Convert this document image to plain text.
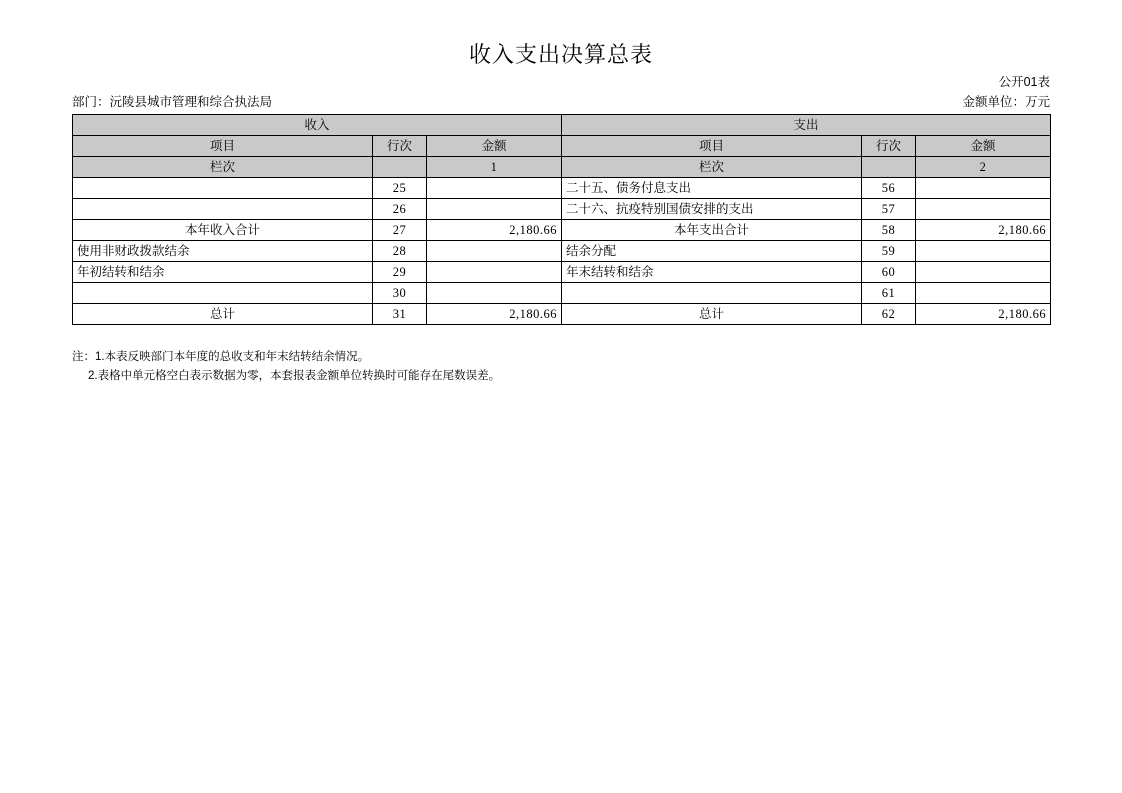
收入支出决算总表
公开01表
部门：沅陵县城市管理和综合执法局	金额单位：万元
收入			支出		
项目	行次	金额	项目	行次	金额
栏次		1	栏次		2
	25		二十五、债务付息支出	56	
	26		二十六、抗疫特别国债安排的支出	57	
本年收入合计	27	2,180.66	本年支出合计	58	2,180.66
使用非财政拨款结余	28		结余分配	59	
年初结转和结余	29		年末结转和结余	60	
	30			61	
总计	31	2,180.66	总计	62	2,180.66
注：1.本表反映部门本年度的总收支和年末结转结余情况。
2.表格中单元格空白表示数据为零，本套报表金额单位转换时可能存在尾数误差。
